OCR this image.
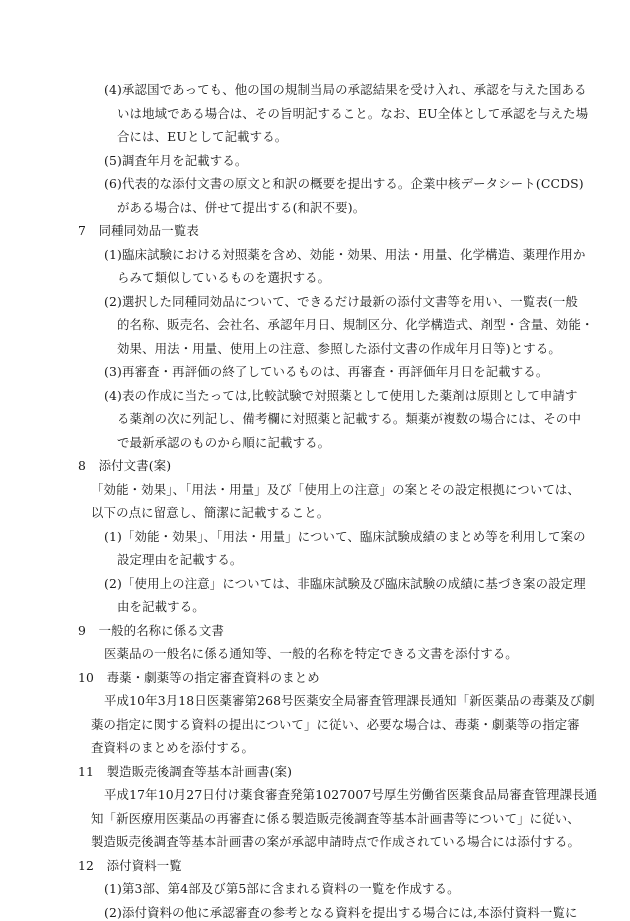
(4)承認国であっても、他の国の規制当局の承認結果を受け入れ、承認を与えた国ある
いは地域である場合は、その旨明記すること。なお、EU全体として承認を与えた場
合には、EUとして記載する。
(5)調査年月を記載する。
(6)代表的な添付文書の原文と和訳の概要を提出する。企業中核データシート(CCDS)
がある場合は、併せて提出する(和訳不要)。
7　同種同効品一覧表
(1)臨床試験における対照薬を含め、効能・効果、用法・用量、化学構造、薬理作用か
らみて類似しているものを選択する。
(2)選択した同種同効品について、できるだけ最新の添付文書等を用い、一覧表(一般
的名称、販売名、会社名、承認年月日、規制区分、化学構造式、剤型・含量、効能・
効果、用法・用量、使用上の注意、参照した添付文書の作成年月日等)とする。
(3)再審査・再評価の終了しているものは、再審査・再評価年月日を記載する。
(4)表の作成に当たっては,比較試験で対照薬として使用した薬剤は原則として申請す
る薬剤の次に列記し、備考欄に対照薬と記載する。類薬が複数の場合には、その中
で最新承認のものから順に記載する。
8　添付文書(案)
「効能・効果」、「用法・用量」及び「使用上の注意」の案とその設定根拠については、
以下の点に留意し、簡潔に記載すること。
(1)「効能・効果」、「用法・用量」について、臨床試験成績のまとめ等を利用して案の
設定理由を記載する。
(2)「使用上の注意」については、非臨床試験及び臨床試験の成績に基づき案の設定理
由を記載する。
9　一般的名称に係る文書
医薬品の一般名に係る通知等、一般的名称を特定できる文書を添付する。
10　毒薬・劇薬等の指定審査資料のまとめ
平成10年3月18日医薬審第268号医薬安全局審査管理課長通知「新医薬品の毒薬及び劇
薬の指定に関する資料の提出について」に従い、必要な場合は、毒薬・劇薬等の指定審
査資料のまとめを添付する。
11　製造販売後調査等基本計画書(案)
平成17年10月27日付け薬食審査発第1027007号厚生労働省医薬食品局審査管理課長通
知「新医療用医薬品の再審査に係る製造販売後調査等基本計画書等について」に従い、
製造販売後調査等基本計画書の案が承認申請時点で作成されている場合には添付する。
12　添付資料一覧
(1)第3部、第4部及び第5部に含まれる資料の一覧を作成する。
(2)添付資料の他に承認審査の参考となる資料を提出する場合には,本添付資料一覧に
